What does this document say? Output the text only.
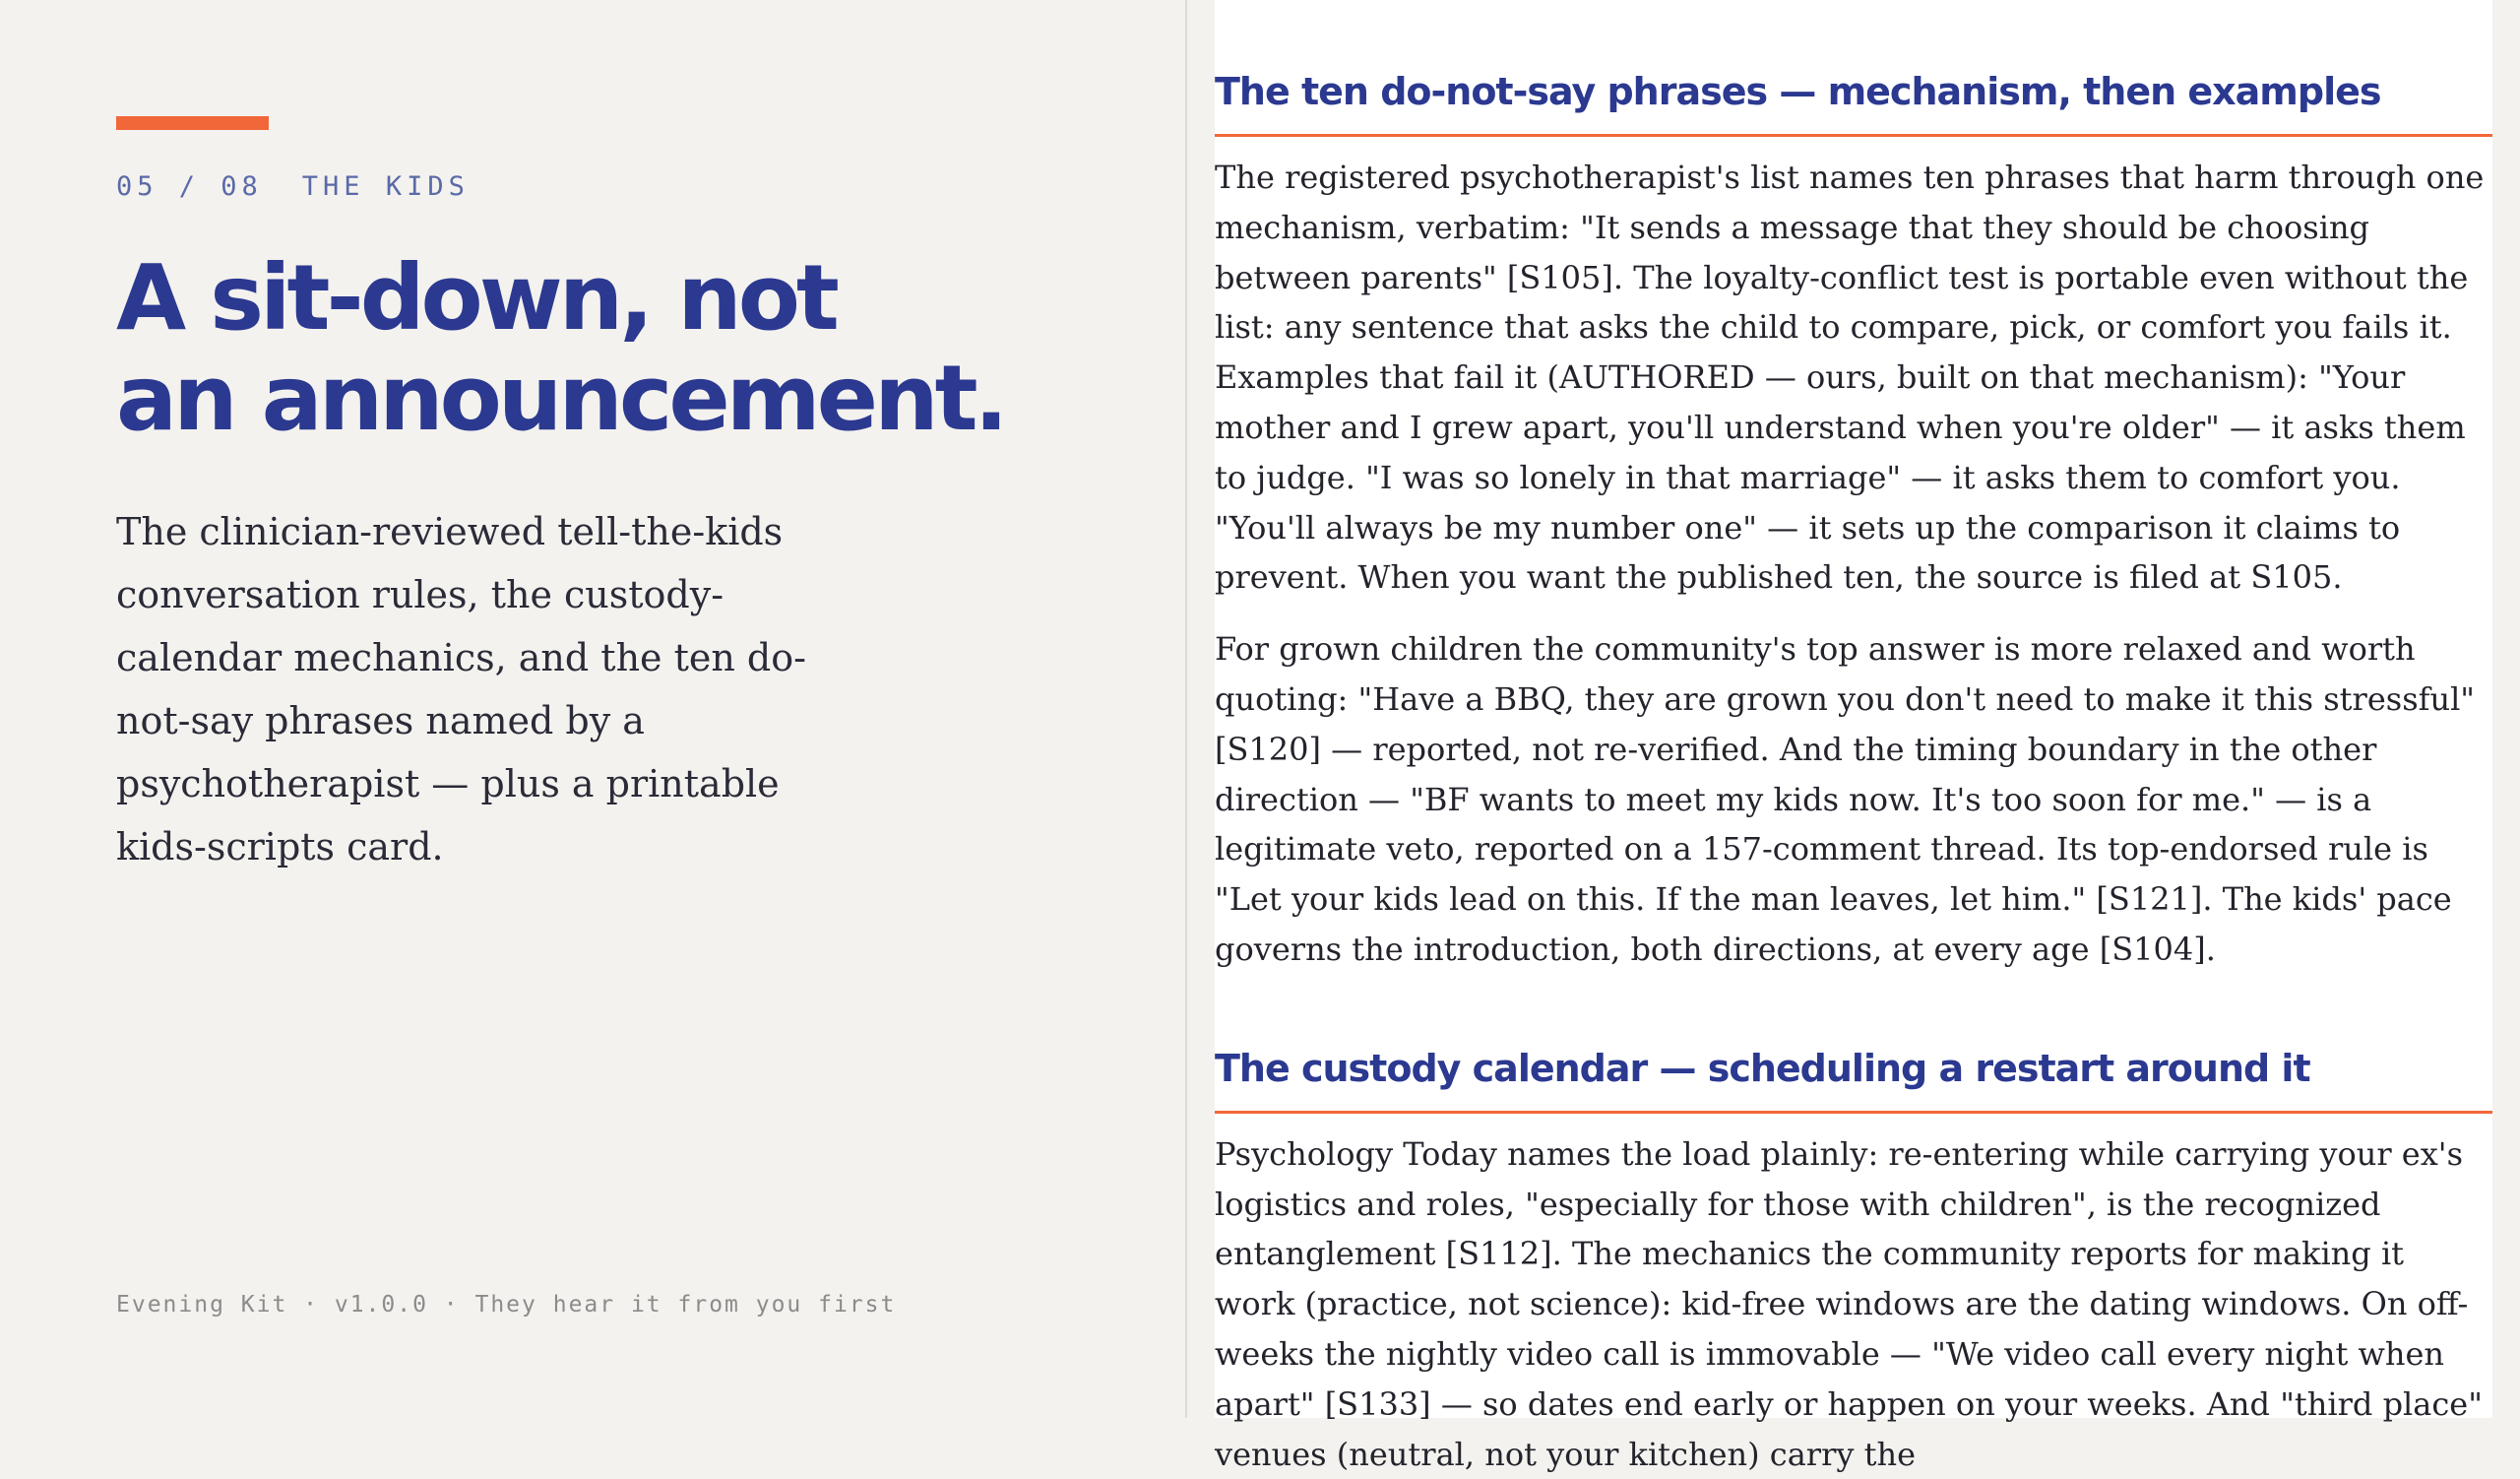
05 / 08 THE KIDS
A sit-down, not
an announcement.

The clinician-reviewed tell-the-kids conversation rules, the custody-calendar mechanics, and the ten do-not-say phrases named by a psychotherapist — plus a printable kids-scripts card.

Evening Kit · v1.0.0 · They hear it from you first
The ten do-not-say phrases — mechanism, then examples

The registered psychotherapist's list names ten phrases that harm through one mechanism, verbatim: "It sends a message that they should be choosing between parents" [S105]. The loyalty-conflict test is portable even without the list: any sentence that asks the child to compare, pick, or comfort you fails it. Examples that fail it (AUTHORED — ours, built on that mechanism): "Your mother and I grew apart, you'll understand when you're older" — it asks them to judge. "I was so lonely in that marriage" — it asks them to comfort you. "You'll always be my number one" — it sets up the comparison it claims to prevent. When you want the published ten, the source is filed at S105.

For grown children the community's top answer is more relaxed and worth quoting: "Have a BBQ, they are grown you don't need to make it this stressful" [S120] — reported, not re-verified. And the timing boundary in the other direction — "BF wants to meet my kids now. It's too soon for me." — is a legitimate veto, reported on a 157-comment thread. Its top-endorsed rule is "Let your kids lead on this. If the man leaves, let him." [S121]. The kids' pace governs the introduction, both directions, at every age [S104].

The custody calendar — scheduling a restart around it

Psychology Today names the load plainly: re-entering while carrying your ex's logistics and roles, "especially for those with children", is the recognized entanglement [S112]. The mechanics the community reports for making it work (practice, not science): kid-free windows are the dating windows. On off-weeks the nightly video call is immovable — "We video call every night when apart" [S133] — so dates end early or happen on your weeks. And "third place" venues (neutral, not your kitchen) carry the
